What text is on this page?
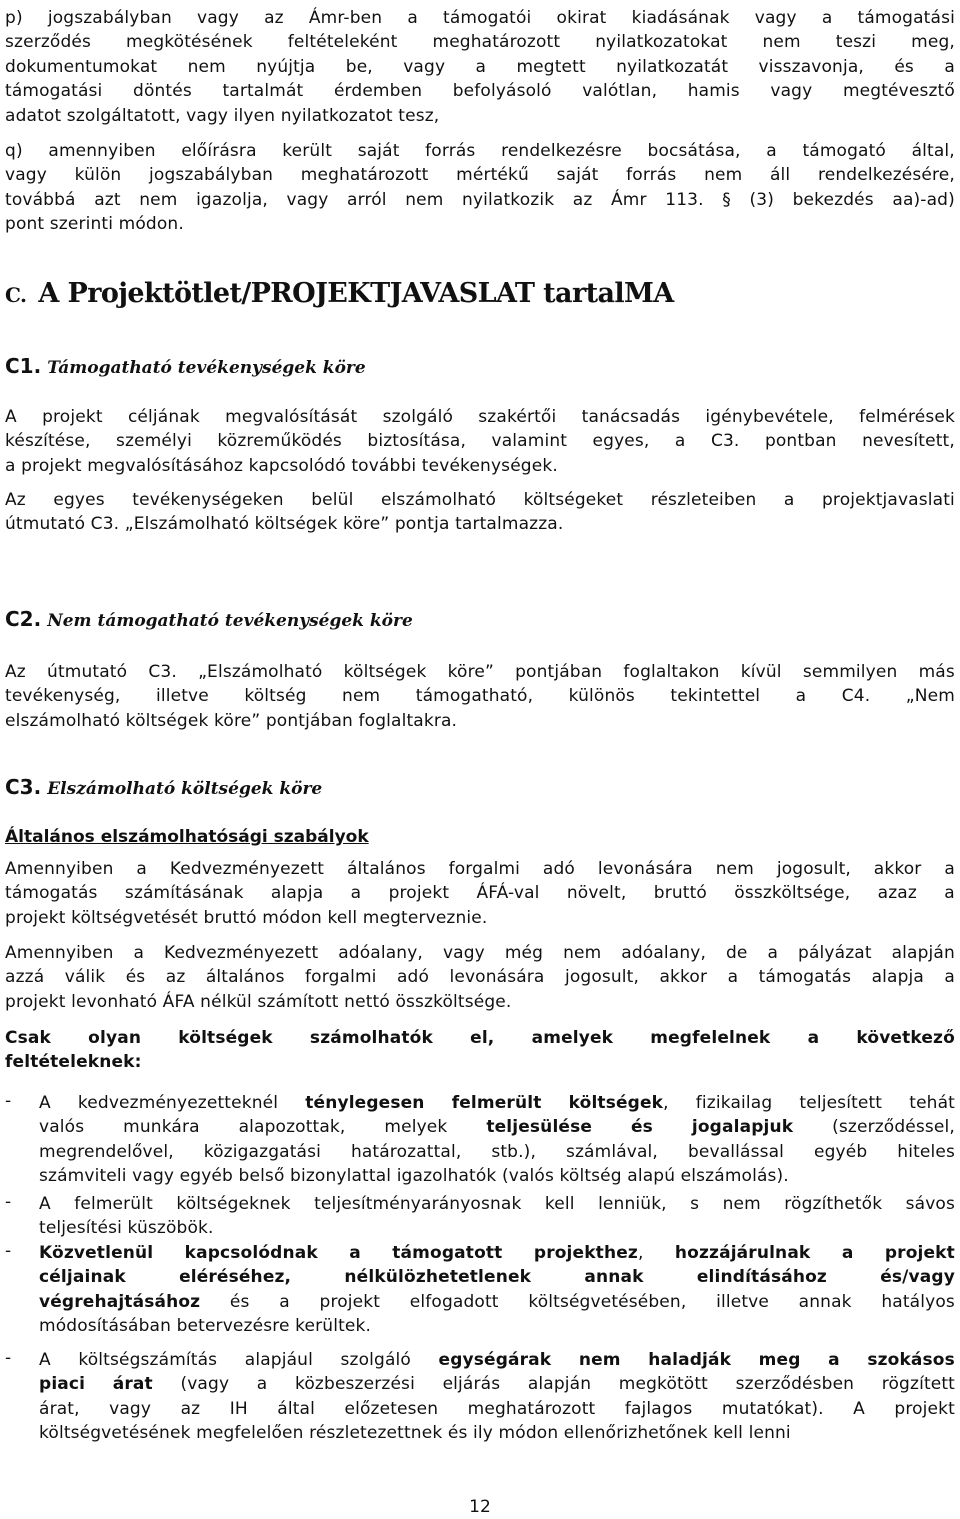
p) jogszabályban vagy az Ámr-ben a támogatói okirat kiadásának vagy a támogatási
szerződés megkötésének feltételeként meghatározott nyilatkozatokat nem teszi meg,
dokumentumokat nem nyújtja be, vagy a megtett nyilatkozatát visszavonja, és a
támogatási döntés tartalmát érdemben befolyásoló valótlan, hamis vagy megtévesztő
adatot szolgáltatott, vagy ilyen nyilatkozatot tesz,
q) amennyiben előírásra került saját forrás rendelkezésre bocsátása, a támogató által,
vagy külön jogszabályban meghatározott mértékű saját forrás nem áll rendelkezésére,
továbbá azt nem igazolja, vagy arról nem nyilatkozik az Ámr 113. § (3) bekezdés aa)-ad)
pont szerinti módon.
C. A Projektötlet/PROJEKTJAVASLAT tartalMA
C1. Támogatható tevékenységek köre
A projekt céljának megvalósítását szolgáló szakértői tanácsadás igénybevétele, felmérések
készítése, személyi közreműködés biztosítása, valamint egyes, a C3. pontban nevesített,
a projekt megvalósításához kapcsolódó további tevékenységek.
Az egyes tevékenységeken belül elszámolható költségeket részleteiben a projektjavaslati
útmutató C3. „Elszámolható költségek köre” pontja tartalmazza.
C2. Nem támogatható tevékenységek köre
Az útmutató C3. „Elszámolható költségek köre” pontjában foglaltakon kívül semmilyen más
tevékenység, illetve költség nem támogatható, különös tekintettel a C4. „Nem
elszámolható költségek köre” pontjában foglaltakra.
C3. Elszámolható költségek köre
Általános elszámolhatósági szabályok
Amennyiben a Kedvezményezett általános forgalmi adó levonására nem jogosult, akkor a
támogatás számításának alapja a projekt ÁFÁ-val növelt, bruttó összköltsége, azaz a
projekt költségvetését bruttó módon kell megterveznie.
Amennyiben a Kedvezményezett adóalany, vagy még nem adóalany, de a pályázat alapján
azzá válik és az általános forgalmi adó levonására jogosult, akkor a támogatás alapja a
projekt levonható ÁFA nélkül számított nettó összköltsége.
Csak olyan költségek számolhatók el, amelyek megfelelnek a következő
feltételeknek:
- A kedvezményezetteknél ténylegesen felmerült költségek, fizikailag teljesített tehát
valós munkára alapozottak, melyek teljesülése és jogalapjuk (szerződéssel,
megrendelővel, közigazgatási határozattal, stb.), számlával, bevallással egyéb hiteles
számviteli vagy egyéb belső bizonylattal igazolhatók (valós költség alapú elszámolás).
- A felmerült költségeknek teljesítményarányosnak kell lenniük, s nem rögzíthetők sávos
teljesítési küszöbök.
- Közvetlenül kapcsolódnak a támogatott projekthez, hozzájárulnak a projekt
céljainak	eléréséhez,	nélkülözhetetlenek	annak	elindításához	és/vagy
végrehajtásához és a projekt elfogadott költségvetésében, illetve annak hatályos
módosításában betervezésre kerültek.
- A költségszámítás alapjául szolgáló egységárak nem haladják meg a szokásos
piaci árat (vagy a közbeszerzési eljárás alapján megkötött szerződésben rögzített
árat, vagy az IH által előzetesen meghatározott fajlagos mutatókat). A projekt
költségvetésének megfelelően részletezettnek és ily módon ellenőrizhetőnek kell lenni
12
